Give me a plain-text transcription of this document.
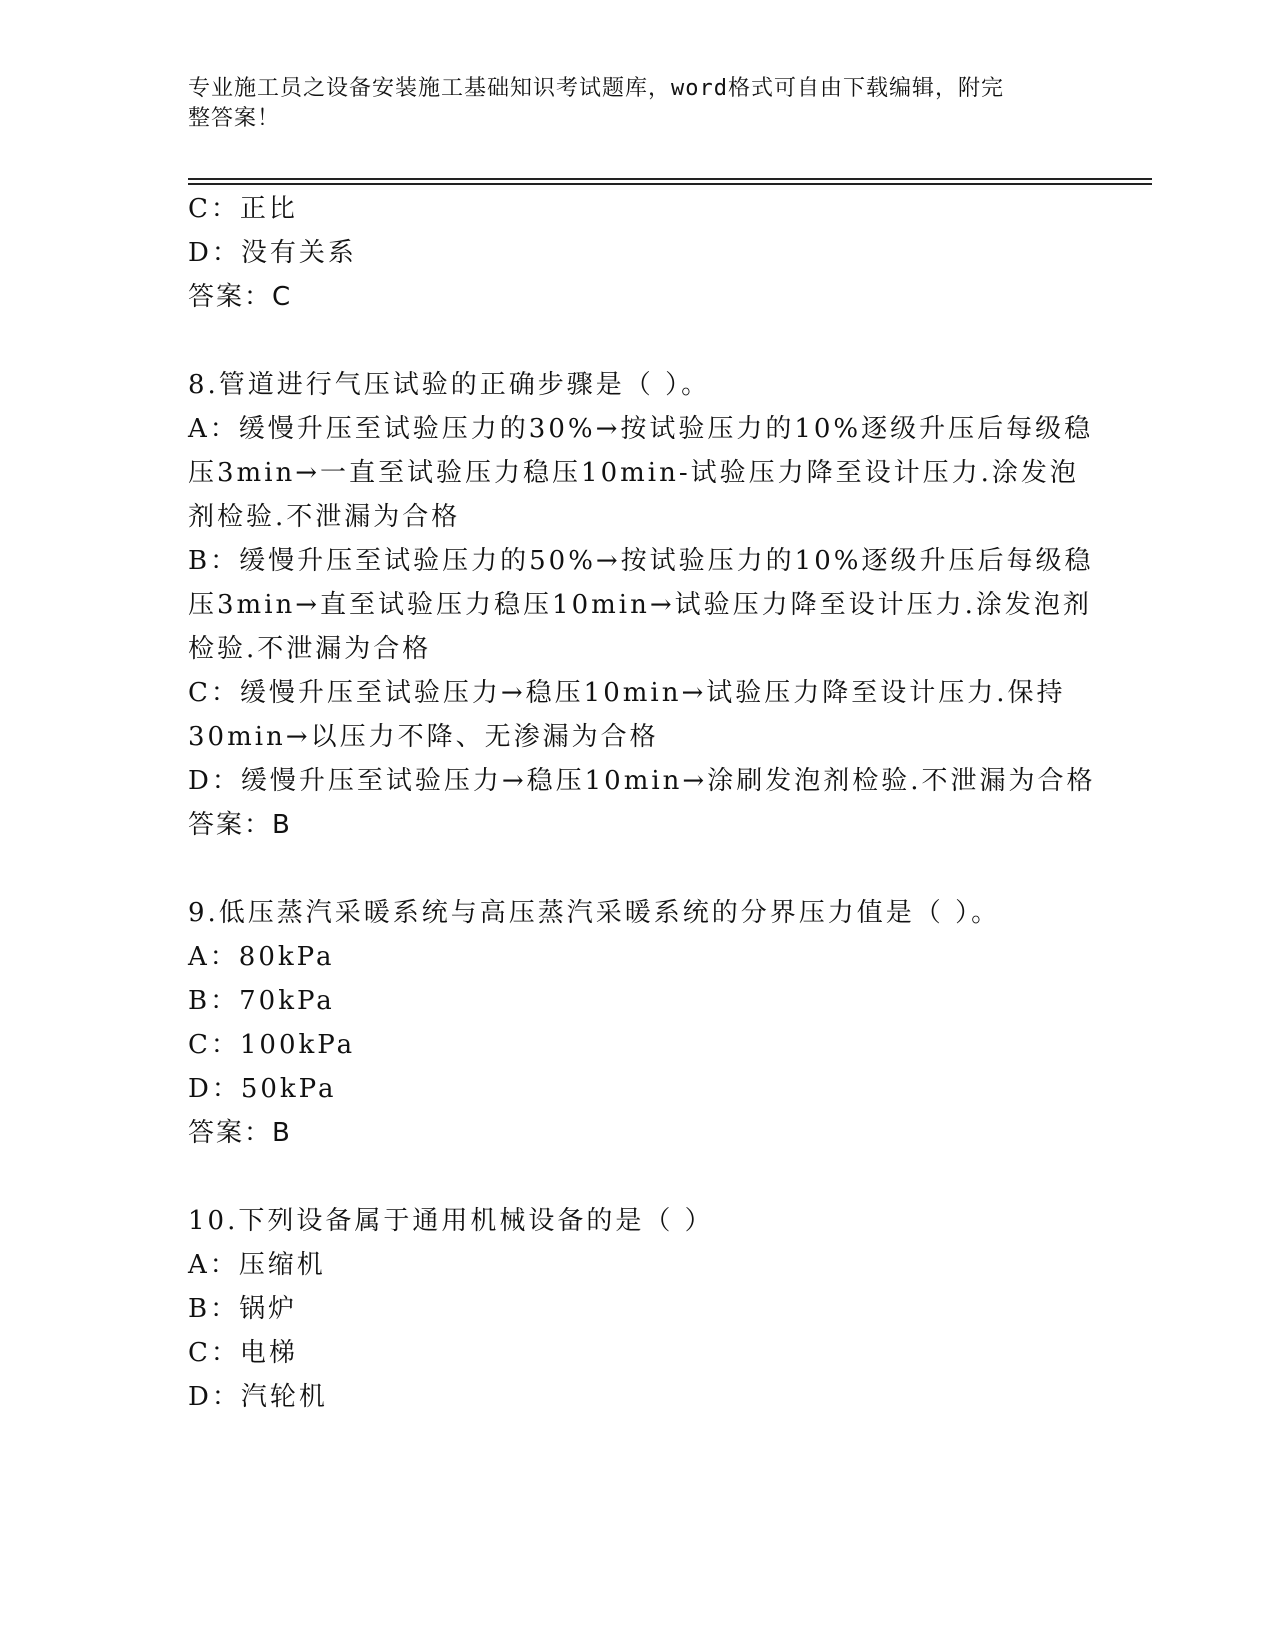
专业施工员之设备安装施工基础知识考试题库，word格式可自由下载编辑，附完
整答案！
C：正比
D：没有关系
答案：C
8.管道进行气压试验的正确步骤是（ ）。
A：缓慢升压至试验压力的30%→按试验压力的10%逐级升压后每级稳
压3min→一直至试验压力稳压10min-试验压力降至设计压力.涂发泡
剂检验.不泄漏为合格
B：缓慢升压至试验压力的50%→按试验压力的10%逐级升压后每级稳
压3min→直至试验压力稳压10min→试验压力降至设计压力.涂发泡剂
检验.不泄漏为合格
C：缓慢升压至试验压力→稳压10min→试验压力降至设计压力.保持
30min→以压力不降、无渗漏为合格
D：缓慢升压至试验压力→稳压10min→涂刷发泡剂检验.不泄漏为合格
答案：B
9.低压蒸汽采暖系统与高压蒸汽采暖系统的分界压力值是（ ）。
A：80kPa
B：70kPa
C：100kPa
D：50kPa
答案：B
10.下列设备属于通用机械设备的是（ ）
A：压缩机
B：锅炉
C：电梯
D：汽轮机
